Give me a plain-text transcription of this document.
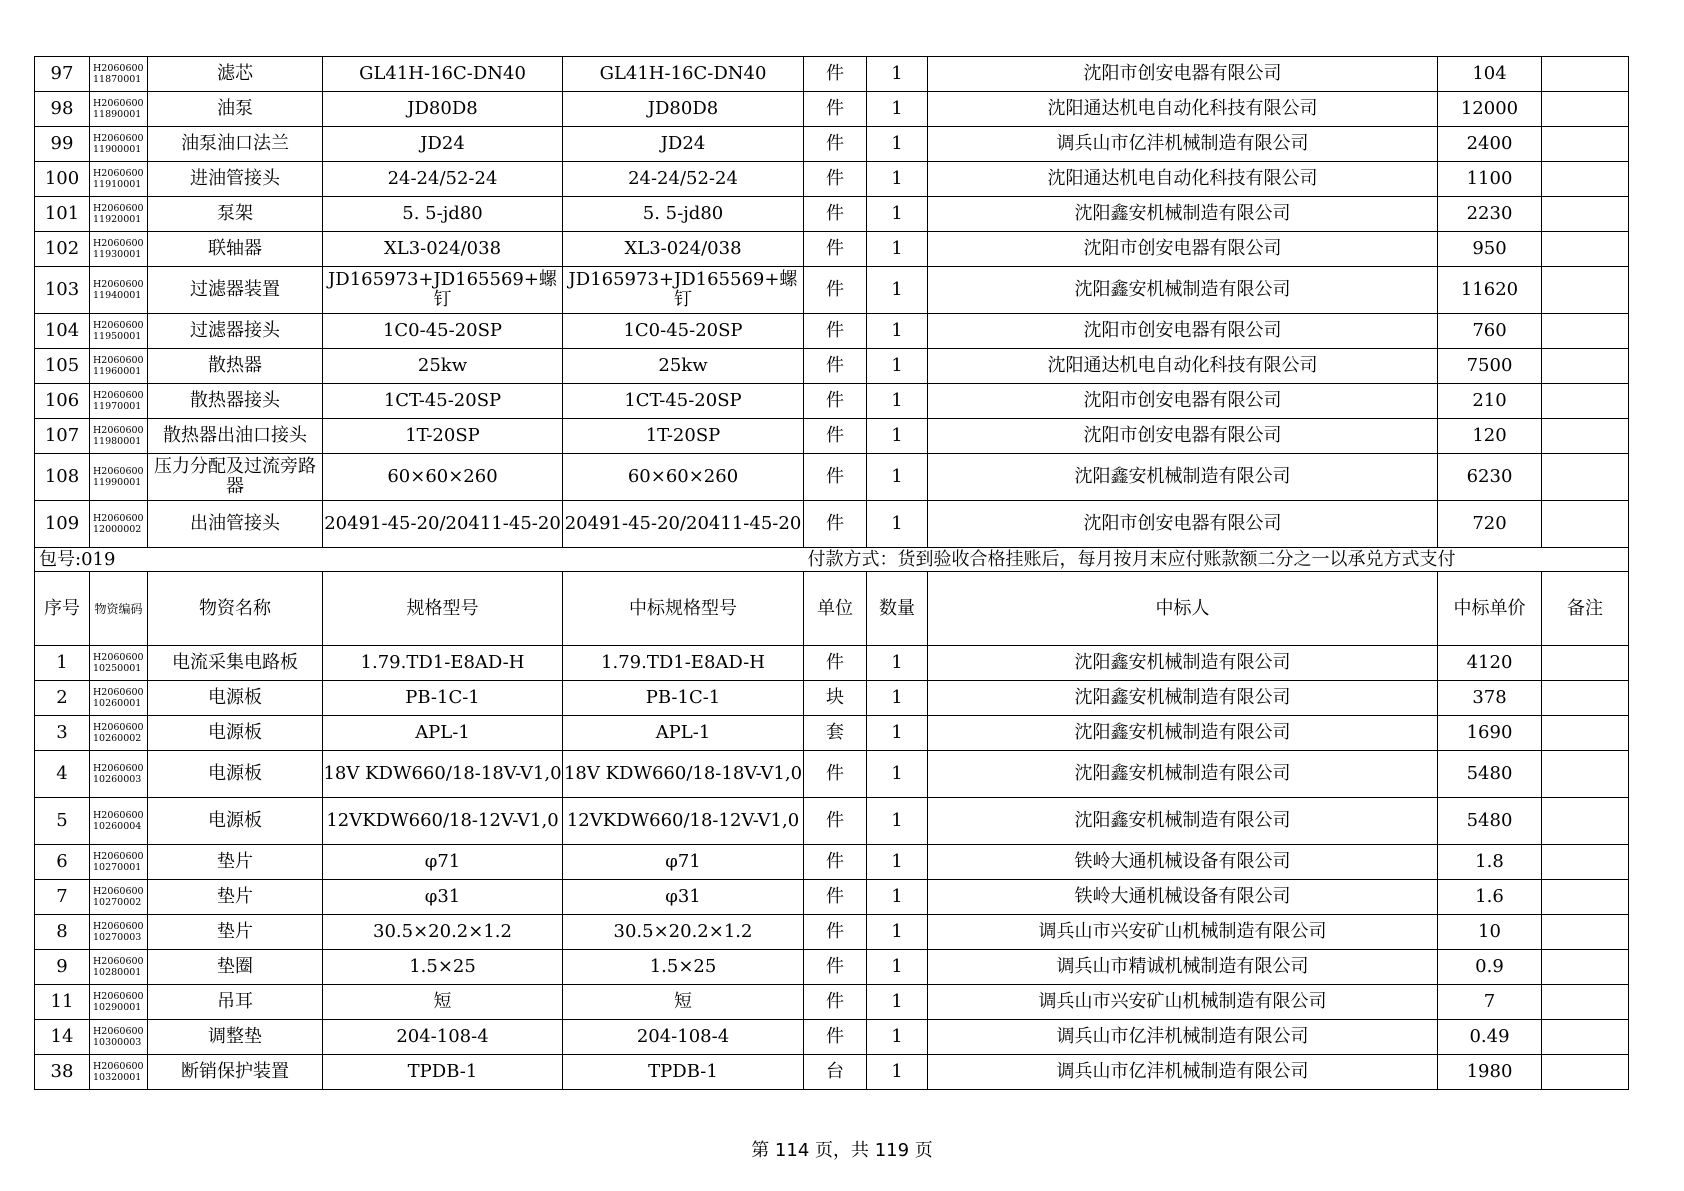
97	H2060600 11870001	滤芯	GL41H-16C-DN40	GL41H-16C-DN40	件	1	沈阳市创安电器有限公司	104	
98	H2060600 11890001	油泵	JD80D8	JD80D8	件	1	沈阳通达机电自动化科技有限公司	12000	
99	H2060600 11900001	油泵油口法兰	JD24	JD24	件	1	调兵山市亿沣机械制造有限公司	2400	
100	H2060600 11910001	进油管接头	24-24/52-24	24-24/52-24	件	1	沈阳通达机电自动化科技有限公司	1100	
101	H2060600 11920001	泵架	5. 5-jd80	5. 5-jd80	件	1	沈阳鑫安机械制造有限公司	2230	
102	H2060600 11930001	联轴器	XL3-024/038	XL3-024/038	件	1	沈阳市创安电器有限公司	950	
103	H2060600 11940001	过滤器装置	JD165973+JD165569+螺钉	JD165973+JD165569+螺钉	件	1	沈阳鑫安机械制造有限公司	11620	
104	H2060600 11950001	过滤器接头	1C0-45-20SP	1C0-45-20SP	件	1	沈阳市创安电器有限公司	760	
105	H2060600 11960001	散热器	25kw	25kw	件	1	沈阳通达机电自动化科技有限公司	7500	
106	H2060600 11970001	散热器接头	1CT-45-20SP	1CT-45-20SP	件	1	沈阳市创安电器有限公司	210	
107	H2060600 11980001	散热器出油口接头	1T-20SP	1T-20SP	件	1	沈阳市创安电器有限公司	120	
108	H2060600 11990001	压力分配及过流旁路器	60×60×260	60×60×260	件	1	沈阳鑫安机械制造有限公司	6230	
109	H2060600 12000002	出油管接头	20491-45-20/20411-45-20	20491-45-20/20411-45-20	件	1	沈阳市创安电器有限公司	720	
包号:019					付款方式：货到验收合格挂账后，每月按月末应付账款额二分之一以承兑方式支付				
序号	物资编码	物资名称	规格型号	中标规格型号	单位	数量	中标人	中标单价	备注
1	H2060600 10250001	电流采集电路板	1.79.TD1-E8AD-H	1.79.TD1-E8AD-H	件	1	沈阳鑫安机械制造有限公司	4120	
2	H2060600 10260001	电源板	PB-1C-1	PB-1C-1	块	1	沈阳鑫安机械制造有限公司	378	
3	H2060600 10260002	电源板	APL-1	APL-1	套	1	沈阳鑫安机械制造有限公司	1690	
4	H2060600 10260003	电源板	18V KDW660/18-18V-V1,0	18V KDW660/18-18V-V1,0	件	1	沈阳鑫安机械制造有限公司	5480	
5	H2060600 10260004	电源板	12VKDW660/18-12V-V1,0	12VKDW660/18-12V-V1,0	件	1	沈阳鑫安机械制造有限公司	5480	
6	H2060600 10270001	垫片	φ71	φ71	件	1	铁岭大通机械设备有限公司	1.8	
7	H2060600 10270002	垫片	φ31	φ31	件	1	铁岭大通机械设备有限公司	1.6	
8	H2060600 10270003	垫片	30.5×20.2×1.2	30.5×20.2×1.2	件	1	调兵山市兴安矿山机械制造有限公司	10	
9	H2060600 10280001	垫圈	1.5×25	1.5×25	件	1	调兵山市精诚机械制造有限公司	0.9	
11	H2060600 10290001	吊耳	短	短	件	1	调兵山市兴安矿山机械制造有限公司	7	
14	H2060600 10300003	调整垫	204-108-4	204-108-4	件	1	调兵山市亿沣机械制造有限公司	0.49	
38	H2060600 10320001	断销保护装置	TPDB-1	TPDB-1	台	1	调兵山市亿沣机械制造有限公司	1980	
第 114 页，共 119 页
